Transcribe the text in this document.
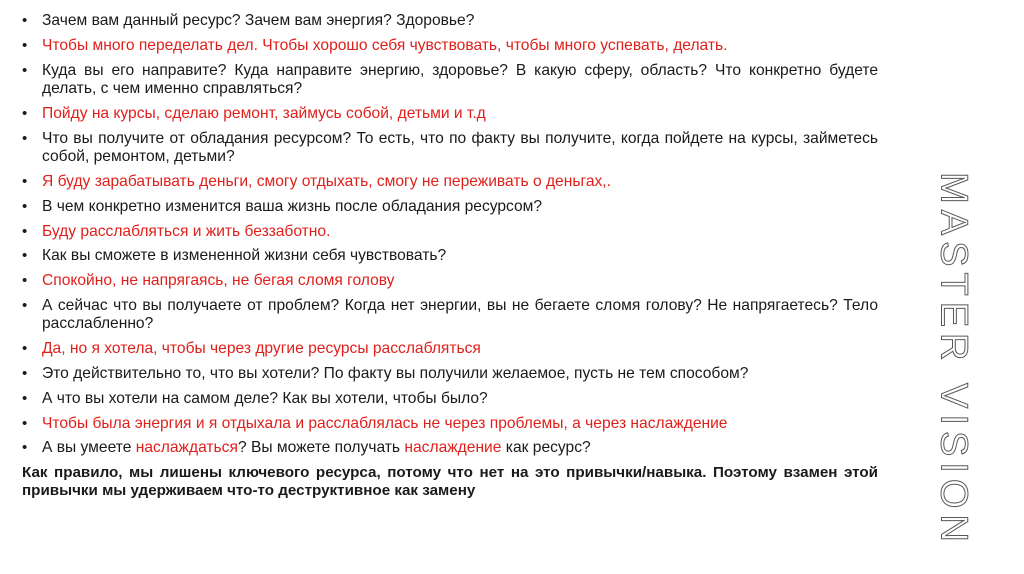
• Зачем вам данный ресурс? Зачем вам энергия? Здоровье?
• Чтобы много переделать дел. Чтобы хорошо себя чувствовать, чтобы много успевать, делать.
• Куда вы его направите? Куда направите энергию, здоровье? В какую сферу, область? Что конкретно будете делать, с чем именно справляться?
• Пойду на курсы, сделаю ремонт, займусь собой, детьми и т.д
• Что вы получите от обладания ресурсом? То есть, что по факту вы получите, когда пойдете на курсы, займетесь собой, ремонтом, детьми?
• Я буду зарабатывать деньги, смогу отдыхать, смогу не переживать о деньгах,.
• В чем конкретно изменится ваша жизнь после обладания ресурсом?
• Буду расслабляться и жить беззаботно.
• Как вы сможете в измененной жизни себя чувствовать?
• Спокойно, не напрягаясь, не бегая сломя голову
• А сейчас что вы получаете от проблем? Когда нет энергии, вы не бегаете сломя голову? Не напрягаетесь? Тело расслабленно?
• Да, но я хотела, чтобы через другие ресурсы расслабляться
• Это действительно то, что вы хотели? По факту вы получили желаемое, пусть не тем способом?
• А что вы хотели на самом деле? Как вы хотели, чтобы было?
• Чтобы была энергия и я отдыхала и расслаблялась не через проблемы, а через наслаждение
• А вы умеете наслаждаться? Вы можете получать наслаждение как ресурс?
Как правило, мы лишены ключевого ресурса, потому что нет на это привычки/навыка. Поэтому взамен этой привычки мы удерживаем что-то деструктивное как замену	MASTER VISION
